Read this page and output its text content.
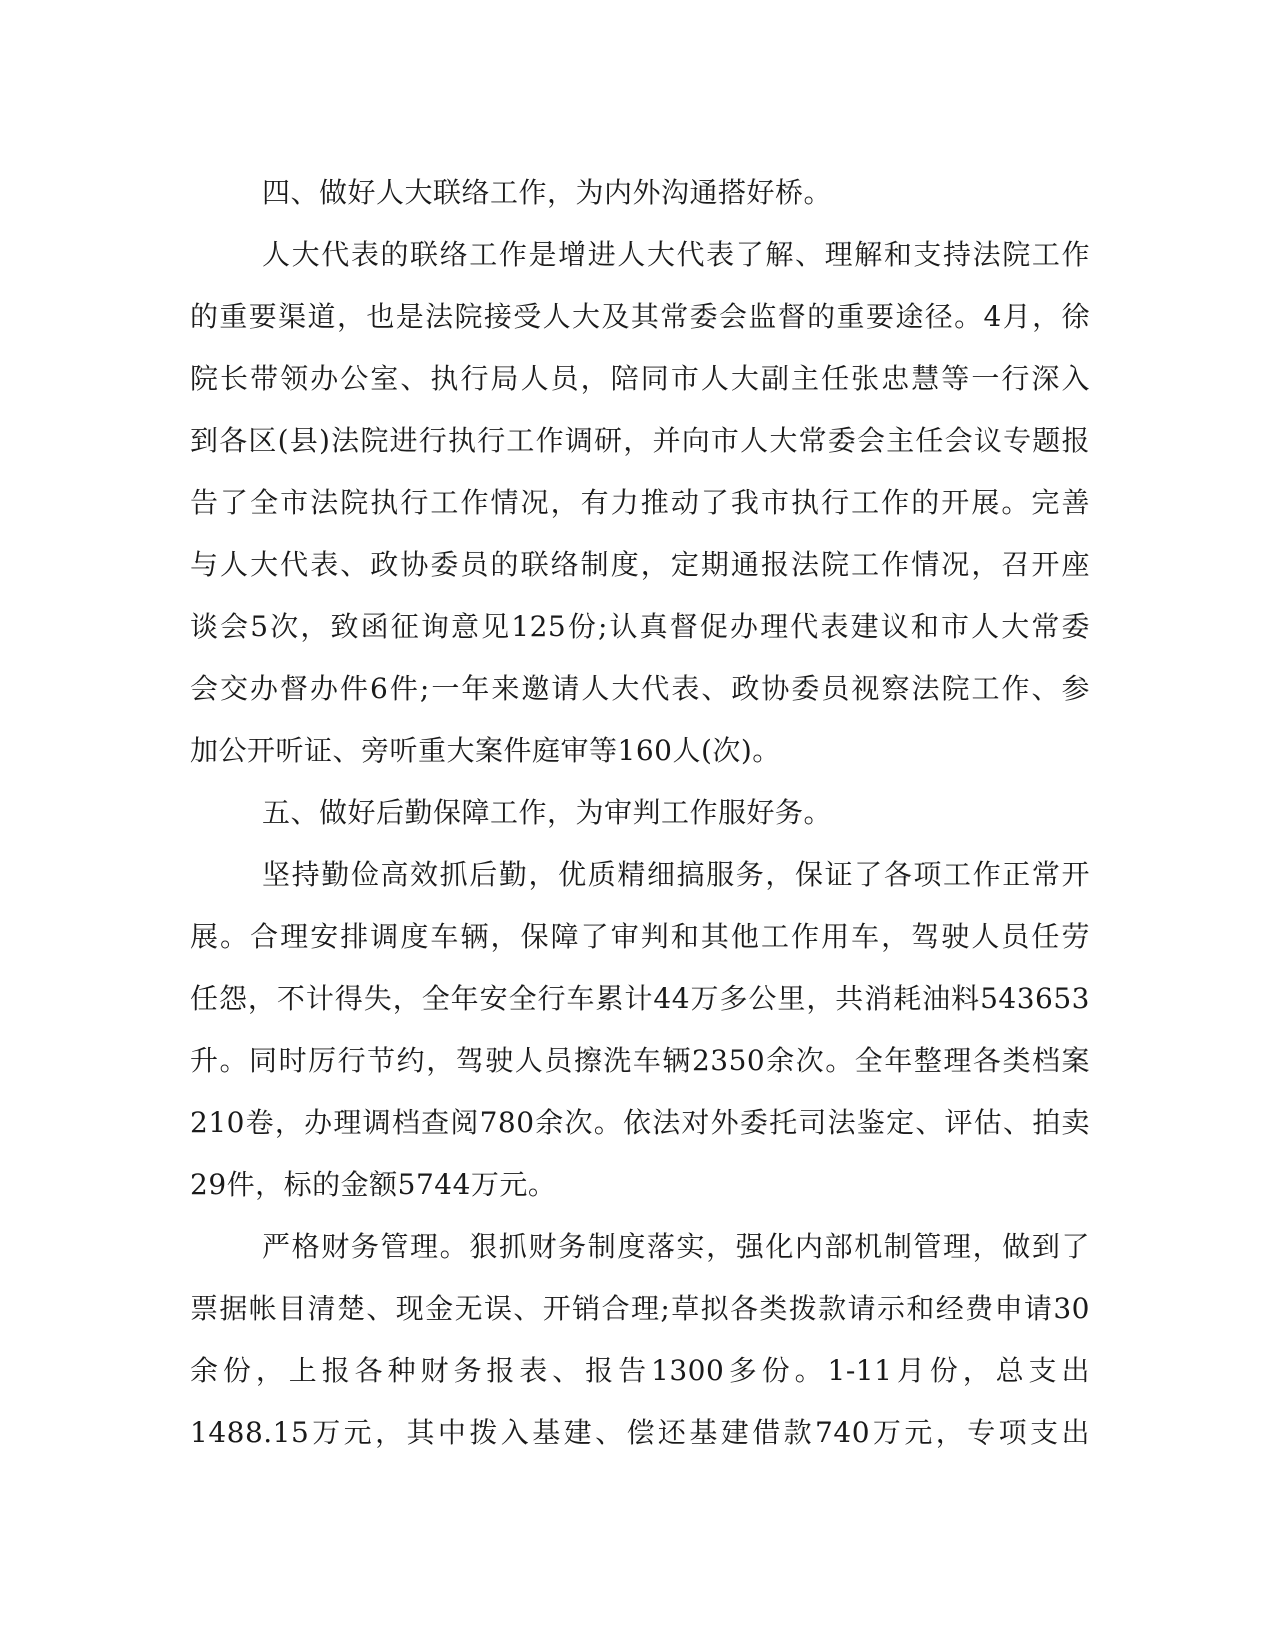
四、做好人大联络工作，为内外沟通搭好桥。
人大代表的联络工作是增进人大代表了解、理解和支持法院工作
的重要渠道，也是法院接受人大及其常委会监督的重要途径。4月，徐
院长带领办公室、执行局人员，陪同市人大副主任张忠慧等一行深入
到各区(县)法院进行执行工作调研，并向市人大常委会主任会议专题报
告了全市法院执行工作情况，有力推动了我市执行工作的开展。完善
与人大代表、政协委员的联络制度，定期通报法院工作情况，召开座
谈会5次，致函征询意见125份;认真督促办理代表建议和市人大常委
会交办督办件6件;一年来邀请人大代表、政协委员视察法院工作、参
加公开听证、旁听重大案件庭审等160人(次)。
五、做好后勤保障工作，为审判工作服好务。
坚持勤俭高效抓后勤，优质精细搞服务，保证了各项工作正常开
展。合理安排调度车辆，保障了审判和其他工作用车，驾驶人员任劳
任怨，不计得失，全年安全行车累计44万多公里，共消耗油料543653
升。同时厉行节约，驾驶人员擦洗车辆2350余次。全年整理各类档案
210卷，办理调档查阅780余次。依法对外委托司法鉴定、评估、拍卖
29件，标的金额5744万元。
严格财务管理。狠抓财务制度落实，强化内部机制管理，做到了
票据帐目清楚、现金无误、开销合理;草拟各类拨款请示和经费申请30
余份，上报各种财务报表、报告1300多份。1-11月份，总支出
1488.15万元，其中拨入基建、偿还基建借款740万元，专项支出
